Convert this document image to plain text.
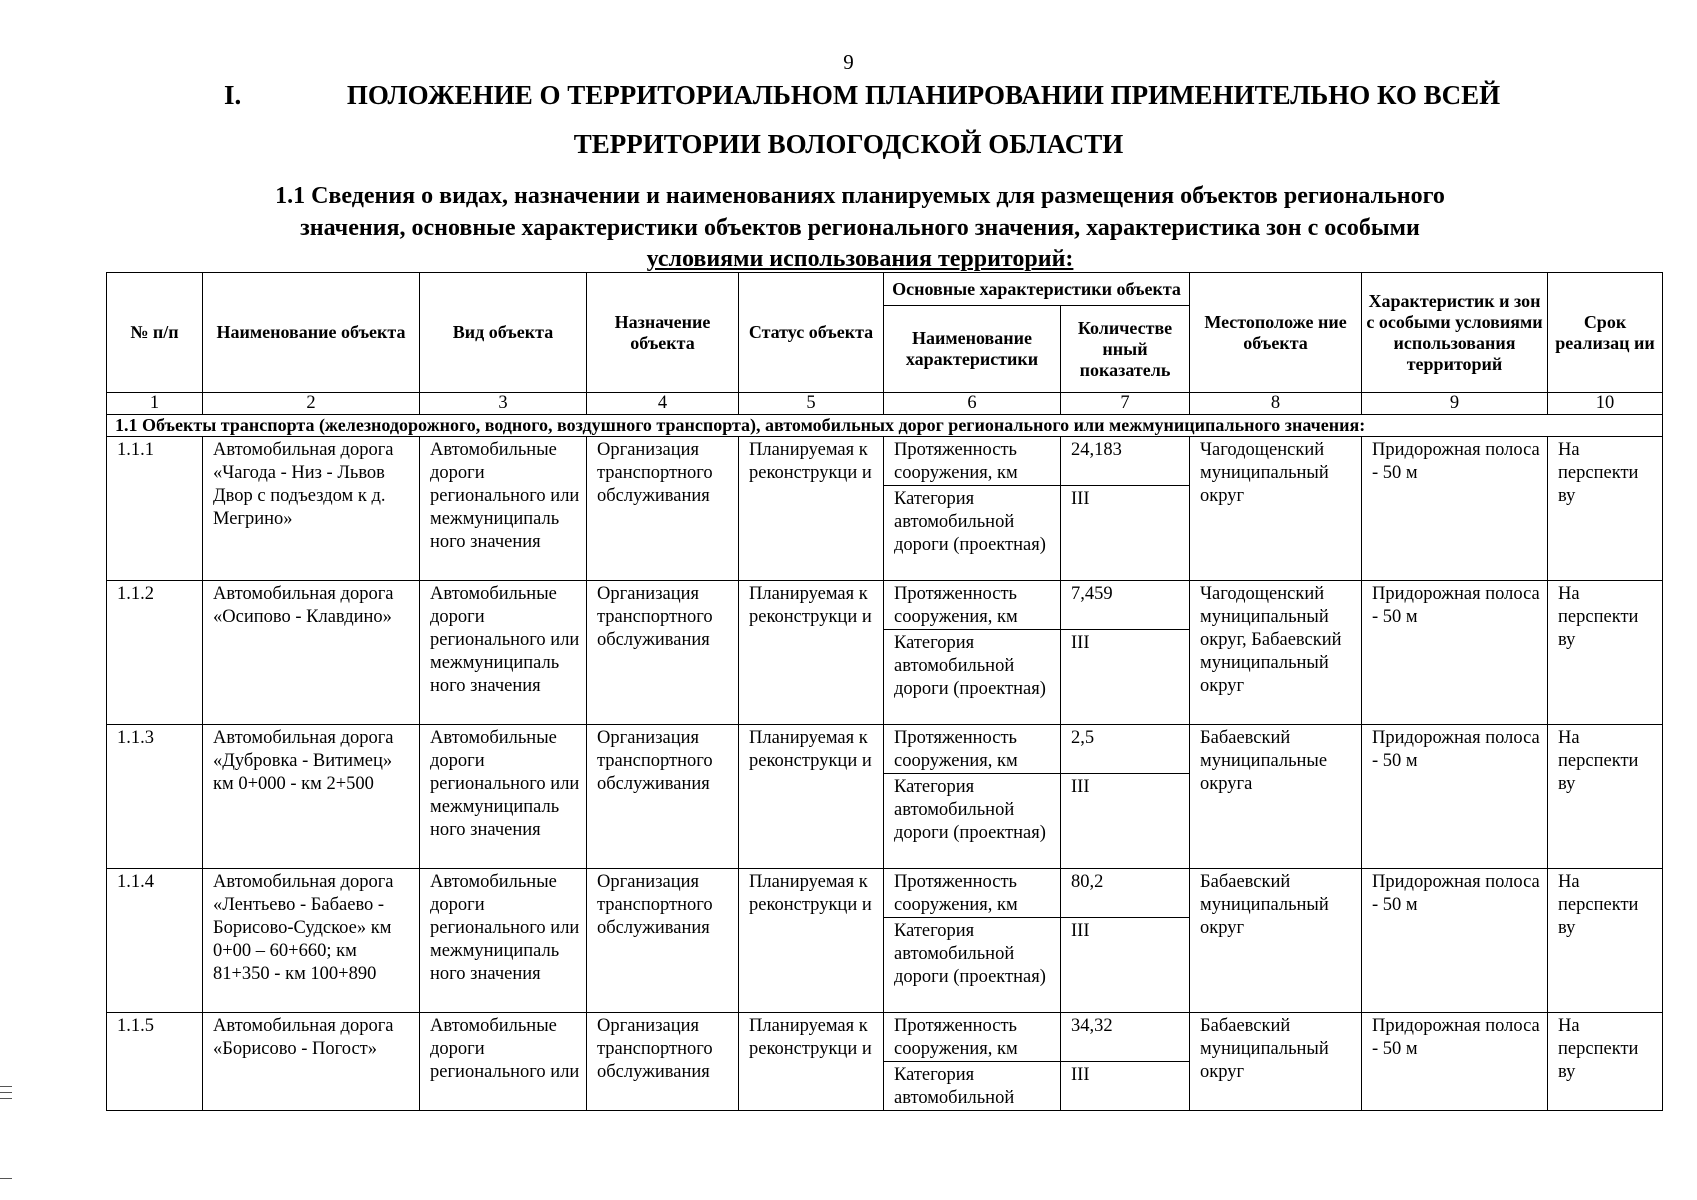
9
I.	ПОЛОЖЕНИЕ О ТЕРРИТОРИАЛЬНОМ ПЛАНИРОВАНИИ ПРИМЕНИТЕЛЬНО КО ВСЕЙ
ТЕРРИТОРИИ ВОЛОГОДСКОЙ ОБЛАСТИ
1.1 Сведения о видах, назначении и наименованиях планируемых для размещения объектов регионального
значения, основные характеристики объектов регионального значения, характеристика зон с особыми
условиями использования территорий:
№ п/п	Наименование объекта	Вид объекта	Назначение объекта	Статус объекта	Основные характеристики объекта		Местоположе ние объекта	Характеристик и зон с особыми условиями использования территорий	Срок реализац ии
					Наименование характеристики	Количестве нный показатель			
1	2	3	4	5	6	7	8	9	10
1.1 Объекты транспорта (железнодорожного, водного, воздушного транспорта), автомобильных дорог регионального или межмуниципального значения:									
1.1.1	Автомобильная дорога «Чагода - Низ - Львов Двор с подъездом к д. Мегрино»	Автомобильные дороги регионального или межмуниципаль ного значения	Организация транспортного обслуживания	Планируемая к реконструкци и	Протяженность сооружения, км	24,183	Чагодощенский муниципальный округ	Придорожная полоса - 50 м	На перспекти ву
					Категория автомобильной дороги (проектная)	III			
1.1.2	Автомобильная дорога «Осипово - Клавдино»	Автомобильные дороги регионального или межмуниципаль ного значения	Организация транспортного обслуживания	Планируемая к реконструкци и	Протяженность сооружения, км	7,459	Чагодощенский муниципальный округ, Бабаевский муниципальный округ	Придорожная полоса - 50 м	На перспекти ву
					Категория автомобильной дороги (проектная)	III			
1.1.3	Автомобильная дорога «Дубровка - Витимец» км 0+000 - км 2+500	Автомобильные дороги регионального или межмуниципаль ного значения	Организация транспортного обслуживания	Планируемая к реконструкци и	Протяженность сооружения, км	2,5	Бабаевский муниципальные округа	Придорожная полоса - 50 м	На перспекти ву
					Категория автомобильной дороги (проектная)	III			
1.1.4	Автомобильная дорога «Лентьево - Бабаево - Борисово-Судское» км 0+00 – 60+660; км 81+350 - км 100+890	Автомобильные дороги регионального или межмуниципаль ного значения	Организация транспортного обслуживания	Планируемая к реконструкци и	Протяженность сооружения, км	80,2	Бабаевский муниципальный округ	Придорожная полоса - 50 м	На перспекти ву
					Категория автомобильной дороги (проектная)	III			
1.1.5	Автомобильная дорога «Борисово - Погост»	Автомобильные дороги регионального или	Организация транспортного обслуживания	Планируемая к реконструкци и	Протяженность сооружения, км	34,32	Бабаевский муниципальный округ	Придорожная полоса - 50 м	На перспекти ву
					Категория автомобильной	III			
